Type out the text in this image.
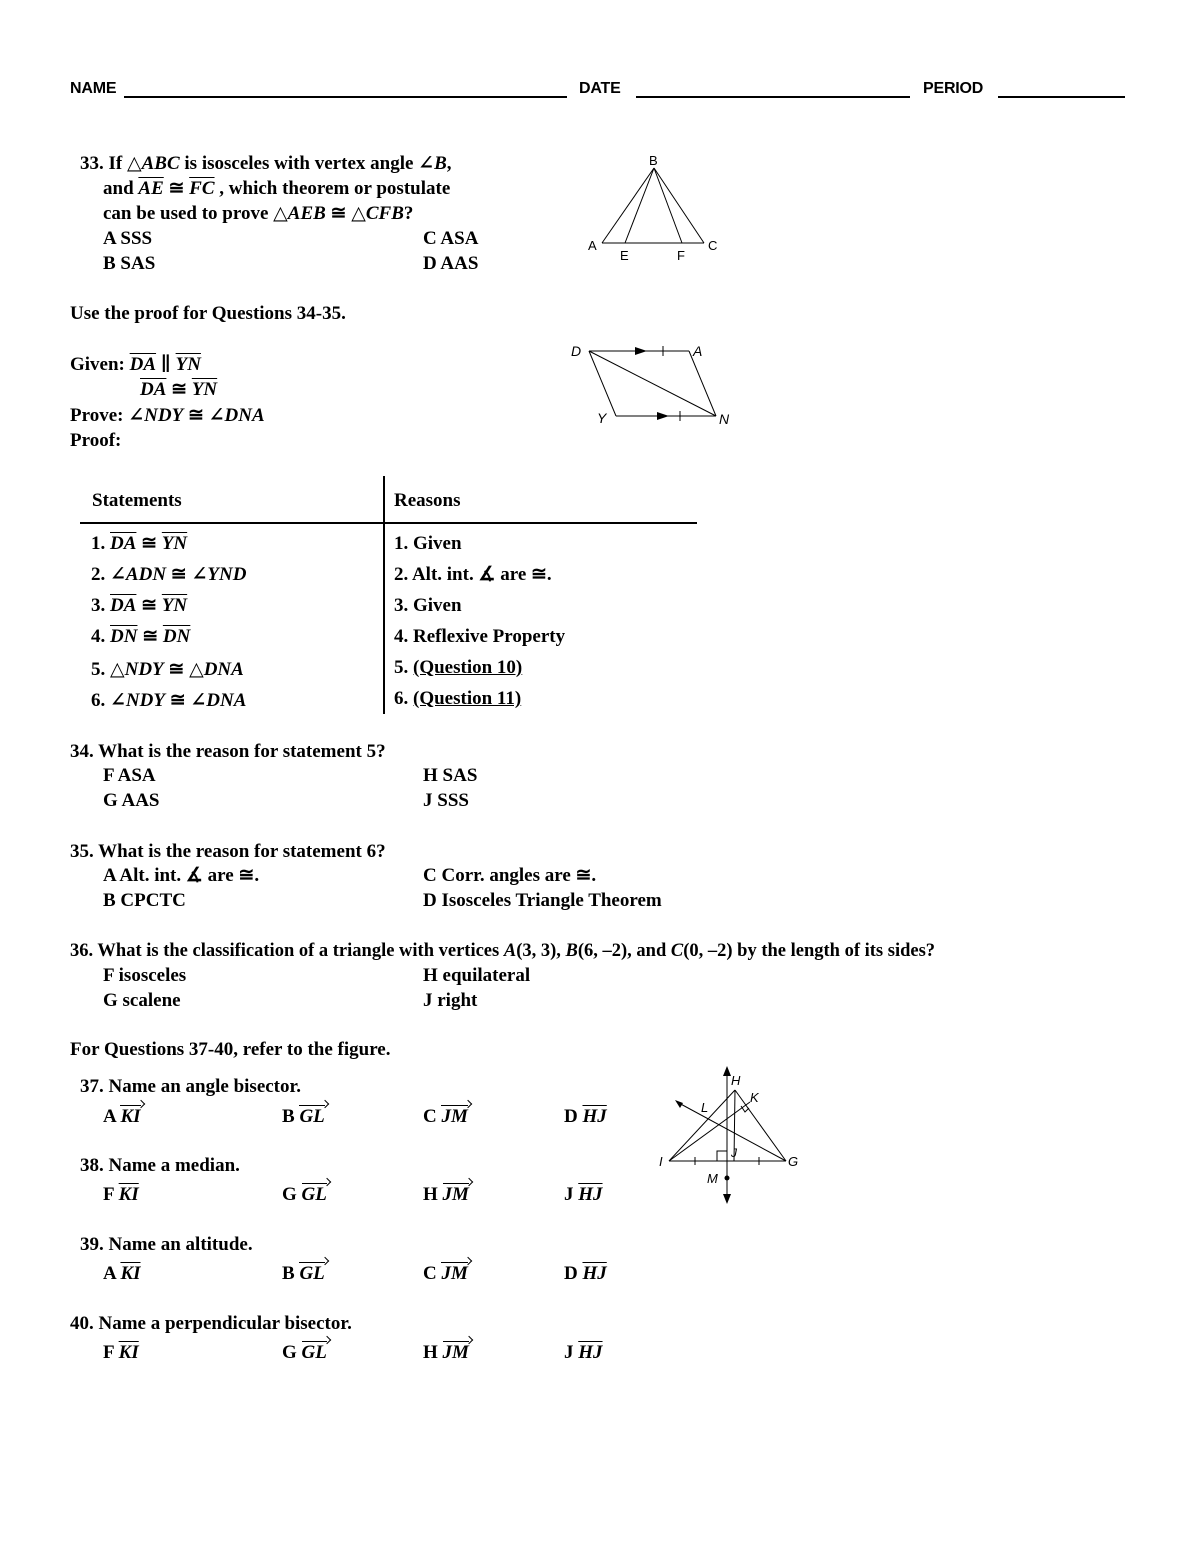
NAME	DATE	PERIOD
33. If △ABC is isosceles with vertex angle ∠B,
and $\overline{AE}$ ≅ $\overline{FC}$ , which theorem or postulate
can be used to prove △AEB ≅ △CFB?
A SSS	C ASA
B SAS	D AAS
B
A
E	F
C
Use the proof for Questions 34-35.
Given: $\overline{DA}$ ∥ $\overline{YN}$
$\overline{DA}$ ≅ $\overline{YN}$
Prove: ∠NDY ≅ ∠DNA
Proof:
D	A
Y	N
Statements	Reasons
1. $\overline{DA}$ ≅ $\overline{YN}$	1. Given
2. ∠ADN ≅ ∠YND	2. Alt. int. ∡ are ≅.
3. $\overline{DA}$ ≅ $\overline{YN}$	3. Given
4. $\overline{DN}$ ≅ $\overline{DN}$	4. Reflexive Property
5. △NDY ≅ △DNA	5. (Question 10)
6. ∠NDY ≅ ∠DNA	6. (Question 11)
34. What is the reason for statement 5?
F ASA	H SAS
G AAS	J SSS
35. What is the reason for statement 6?
A Alt. int. ∡ are ≅.	C Corr. angles are ≅.
B CPCTC	D Isosceles Triangle Theorem
36. What is the classification of a triangle with vertices A(3, 3), B(6, –2), and C(0, –2) by the length of its sides?
F isosceles	H equilateral
G scalene	J right
For Questions 37-40, refer to the figure.
37. Name an angle bisector.
A KI	B GL	C JM	D $\overline{HJ}$
38. Name a median.
F $\overline{KI}$	G GL	H JM	J $\overline{HJ}$
39. Name an altitude.
A $\overline{KI}$	B GL	C JM	D $\overline{HJ}$
40. Name a perpendicular bisector.
F $\overline{KI}$	G GL	H JM	J $\overline{HJ}$
H
K
L
I
J
G
M
